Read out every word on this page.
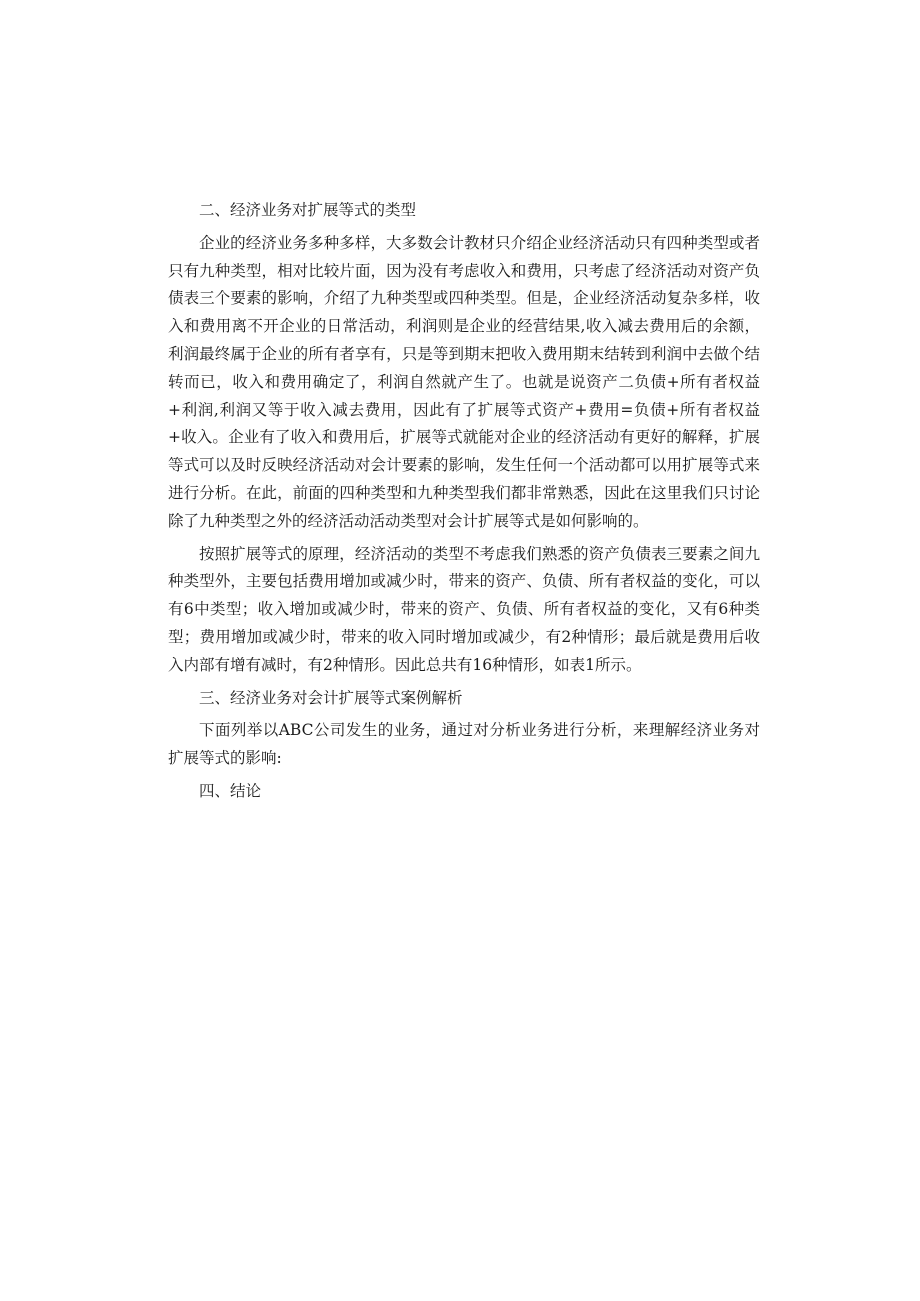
二、经济业务对扩展等式的类型

企业的经济业务多种多样，大多数会计教材只介绍企业经济活动只有四种类型或者只有九种类型，相对比较片面，因为没有考虑收入和费用，只考虑了经济活动对资产负债表三个要素的影响，介绍了九种类型或四种类型。但是，企业经济活动复杂多样，收入和费用离不开企业的日常活动，利润则是企业的经营结果,收入减去费用后的余额，利润最终属于企业的所有者享有，只是等到期末把收入费用期末结转到利润中去做个结转而已，收入和费用确定了，利润自然就产生了。也就是说资产二负债+所有者权益+利润,利润又等于收入减去费用，因此有了扩展等式资产+费用=负债+所有者权益+收入。企业有了收入和费用后，扩展等式就能对企业的经济活动有更好的解释，扩展等式可以及时反映经济活动对会计要素的影响，发生任何一个活动都可以用扩展等式来进行分析。在此，前面的四种类型和九种类型我们都非常熟悉，因此在这里我们只讨论除了九种类型之外的经济活动活动类型对会计扩展等式是如何影响的。

按照扩展等式的原理，经济活动的类型不考虑我们熟悉的资产负债表三要素之间九种类型外，主要包括费用增加或减少时，带来的资产、负债、所有者权益的变化，可以有6中类型；收入增加或减少时，带来的资产、负债、所有者权益的变化，又有6种类型；费用增加或减少时，带来的收入同时增加或减少，有2种情形；最后就是费用后收入内部有增有减时，有2种情形。因此总共有16种情形，如表1所示。

三、经济业务对会计扩展等式案例解析

下面列举以ABC公司发生的业务，通过对分析业务进行分析，来理解经济业务对扩展等式的影响:

四、结论
